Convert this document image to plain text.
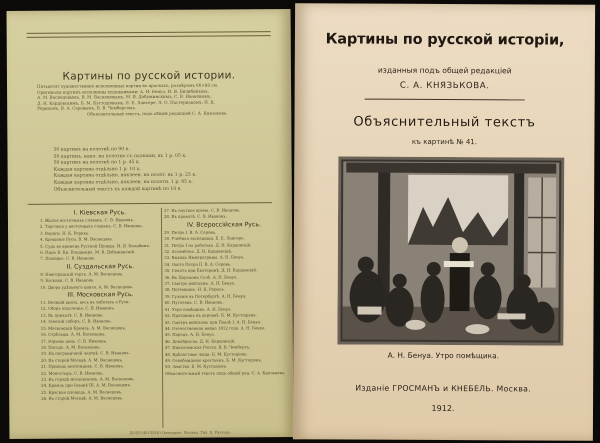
Картины по русской истории.
Пятьдесят художественно исполненных картин въ краскахъ, размѣромъ 66×88 см.
Оригиналы картинъ исполнены художниками: А. Н. Бенуа, И. Я. Билибинымъ,
А. М. Васнецовымъ, В. М. Васнецовымъ, М. В. Добужинскимъ, С. В. Ивановымъ,
Д. Н. Кардовскимъ, Б. М. Кустодіевымъ, Е. Е. Лансере, Л. О. Пастернакомъ, Н. К.
Рерихомъ, В. А. Серовымъ, В. В. Чемберсомъ.
Объяснительный текстъ, подъ общей редакціей С. А. Князькова.
50 картинъ на полотнѣ по 90 к.
50 картинъ, накл. на полотно съ палками, въ 1 р. 05 к.
50 картинъ на полотнѣ по 1 р. 45 к.
Каждая картина отдѣльно 1 р. 10 к.
Каждая картина отдѣльно, наклеен. на полот. въ 1 р. 25 к.
Каждая картина отдѣльно, наклеен. на полотн. 1 р. 85 к.
Объяснительный текстъ къ каждой картинѣ по 10 к.
I. Кіевская Русь.
1. Жилье восточныхъ славянъ. С. В. Ивановъ.
2. Торговля у восточныхъ славянъ. С. В. Ивановъ.
3. Варяги. Н. К. Рерихъ.
4. Крещеніе Руси. В. М. Васнецовъ.
5. Судъ во времена Русской Правды. И. Я. Билибинъ.
6. Пиръ В. Кн. Владиміра. М. В. Добужинскій.
7. Полюдье. С. В. Ивановъ.
II. Суздальская Русь.
8. Новгородскій торгъ. А. М. Васнецовъ.
9. Баскаки. С. В. Ивановъ.
10. Дворъ удѣльнаго князя. А. М. Васнецовъ.
III. Московская Русь.
11. Великій князь, весь въ заботахъ о Руси.
12. Сборъ ополченія. С. В. Ивановъ.
13. Въ приказѣ. С. В. Ивановъ.
14. Земскій соборъ. С. В. Ивановъ.
15. Московскій Кремль. А. М. Васнецовъ.
16. Стрѣльцы. А. М. Васнецовъ.
17. Юрьевъ день. С. В. Ивановъ.
18. Посадъ. А. М. Васнецовъ.
19. На пограничной черткѣ. С. В. Ивановъ.
20. Въ старой Москвѣ. А. М. Васнецовъ.
21. Приходъ иноземцевъ. С. В. Ивановъ.
22. Монастырь. С. В. Ивановъ.
23. Въ городѣ московскомъ. А. М. Васнецовъ.
24. Кремль при Іоаннѣ III. А. М. Васнецовъ.
25. Красная площадь. А. М. Васнецовъ.
26. Въ старой Москвѣ. А. М. Васнецовъ.
27. Въ смутное время. С. В. Ивановъ.
28. Въ приказѣ. С. В. Ивановъ.
IV. Всероссійская Русь.
29. Петръ I. В. А. Серовъ.
30. Учебная экспедиція. Е. Е. Лансере.
31. Петръ I на работахъ. Д. Н. Кардовскій.
32. Ассамблея. Д. Н. Кардовскій.
33. Выходъ Императрицы. А. Н. Бенуа.
34. Охота Петра II. В. А. Серовъ.
35. Сенатъ при Екатеринѣ. Д. Н. Кардовскій.
36. Въ Царскомъ Селѣ. А. Н. Бенуа.
37. Смотръ войскамъ. А. Н. Бенуа.
38. Потемкинъ. Н. К. Рерихъ.
39. Гуляніе въ Петербургѣ. А. Н. Бенуа.
40. Пугачевъ. С. В. Ивановъ.
41. Утро помѣщика. А. Н. Бенуа.
42. Праздникъ въ деревнѣ. Б. М. Кустодіевъ.
43. Смотръ войскамъ при Павлѣ I. А. Н. Бенуа.
44. Отечественная война 1812 года. А. Н. Бенуа.
45. Парадъ. А. Н. Бенуа.
46. Декабристы. Д. Н. Кардовскій.
47. Николаевская Россія. В. В. Чемберсъ.
48. Крѣпостные люди. Б. М. Кустодіевъ.
49. Освобожденіе крестьянъ. Б. М. Кустодіевъ.
50. Земство. Б. М. Кустодіевъ.
Объяснительный текстъ подъ общей ред. С. А. Князькова.
ДОПОЗВОЛЕНО Цензурою. Москва. Тип. В. Рихтера.
Картины по русской исторіи,
изданныя подъ общей редакціей
С. А. КНЯЗЬКОВА.
Объяснительный текстъ
къ картинѣ № 41.
А. Н. Бенуа. Утро помѣщика.
Изданіе ГРОСМАНЪ и КНЕБЕЛЬ. Москва.
1912.
